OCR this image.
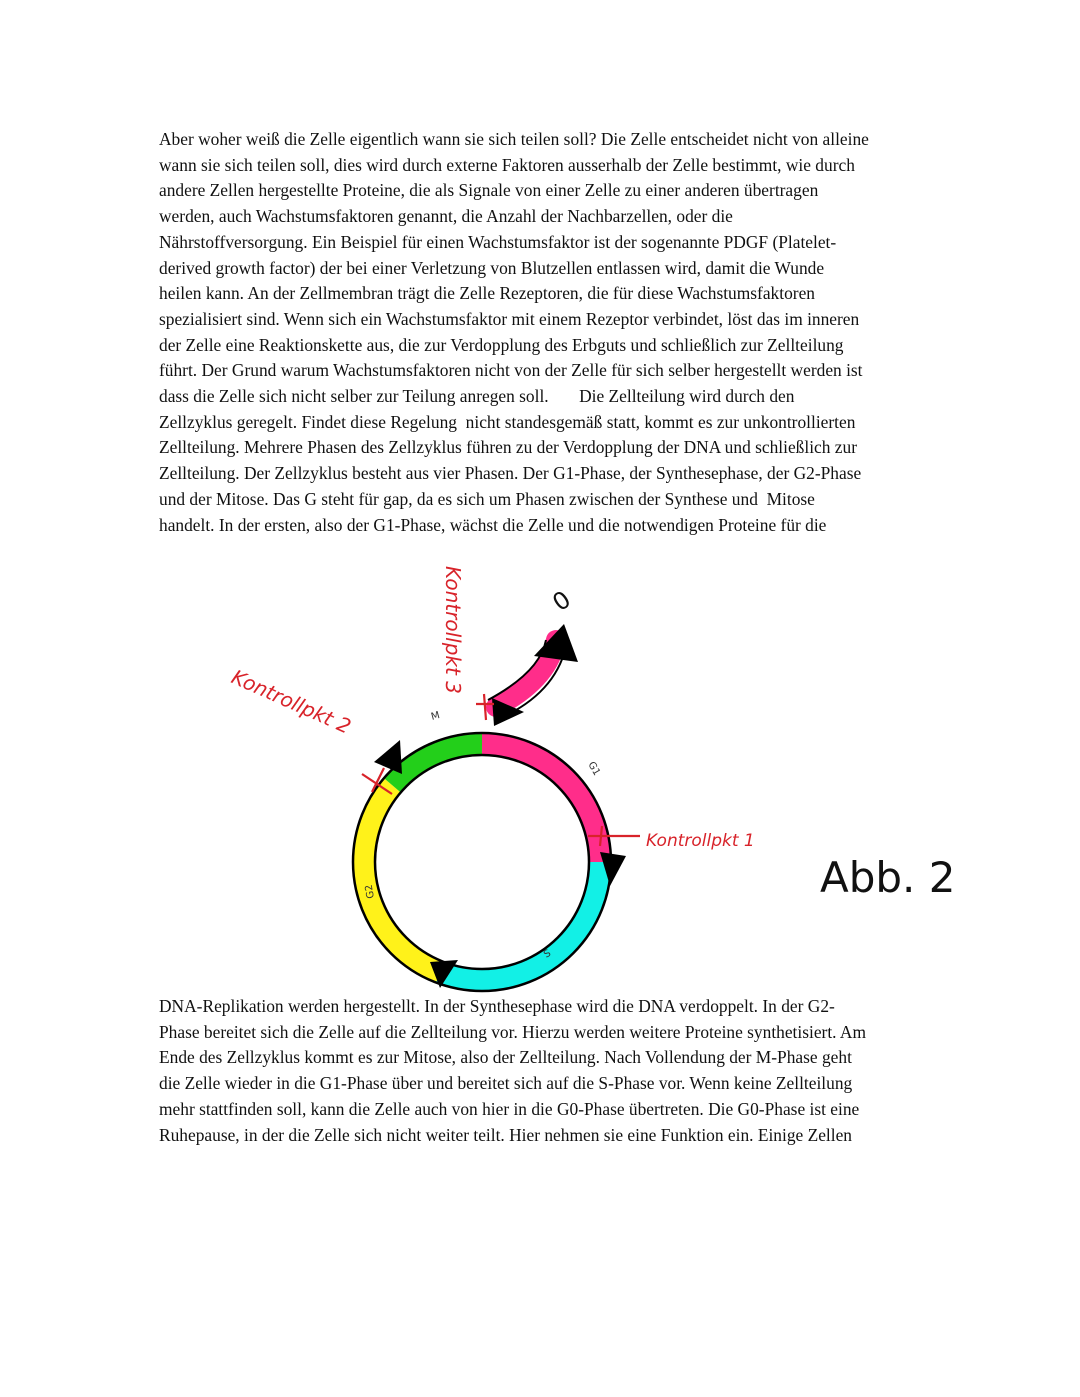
Aber woher weiß die Zelle eigentlich wann sie sich teilen soll? Die Zelle entscheidet nicht von alleine
wann sie sich teilen soll, dies wird durch externe Faktoren ausserhalb der Zelle bestimmt, wie durch
andere Zellen hergestellte Proteine, die als Signale von einer Zelle zu einer anderen übertragen
werden, auch Wachstumsfaktoren genannt, die Anzahl der Nachbarzellen, oder die
Nährstoffversorgung. Ein Beispiel für einen Wachstumsfaktor ist der sogenannte PDGF (Platelet-
derived growth factor) der bei einer Verletzung von Blutzellen entlassen wird, damit die Wunde
heilen kann. An der Zellmembran trägt die Zelle Rezeptoren, die für diese Wachstumsfaktoren
spezialisiert sind. Wenn sich ein Wachstumsfaktor mit einem Rezeptor verbindet, löst das im inneren
der Zelle eine Reaktionskette aus, die zur Verdopplung des Erbguts und schließlich zur Zellteilung
führt. Der Grund warum Wachstumsfaktoren nicht von der Zelle für sich selber hergestellt werden ist
dass die Zelle sich nicht selber zur Teilung anregen soll.       Die Zellteilung wird durch den
Zellzyklus geregelt. Findet diese Regelung  nicht standesgemäß statt, kommt es zur unkontrollierten
Zellteilung. Mehrere Phasen des Zellzyklus führen zu der Verdopplung der DNA und schließlich zur
Zellteilung. Der Zellzyklus besteht aus vier Phasen. Der G1-Phase, der Synthesephase, der G2-Phase
und der Mitose. Das G steht für gap, da es sich um Phasen zwischen der Synthese und  Mitose
handelt. In der ersten, also der G1-Phase, wächst die Zelle und die notwendigen Proteine für die
G1
S
G2
M
0
Kontrollpkt 1
Kontrollpkt 2
Kontrollpkt 3
Abb. 2
DNA-Replikation werden hergestellt. In der Synthesephase wird die DNA verdoppelt. In der G2-
Phase bereitet sich die Zelle auf die Zellteilung vor. Hierzu werden weitere Proteine synthetisiert. Am
Ende des Zellzyklus kommt es zur Mitose, also der Zellteilung. Nach Vollendung der M-Phase geht
die Zelle wieder in die G1-Phase über und bereitet sich auf die S-Phase vor. Wenn keine Zellteilung
mehr stattfinden soll, kann die Zelle auch von hier in die G0-Phase übertreten. Die G0-Phase ist eine
Ruhepause, in der die Zelle sich nicht weiter teilt. Hier nehmen sie eine Funktion ein. Einige Zellen
